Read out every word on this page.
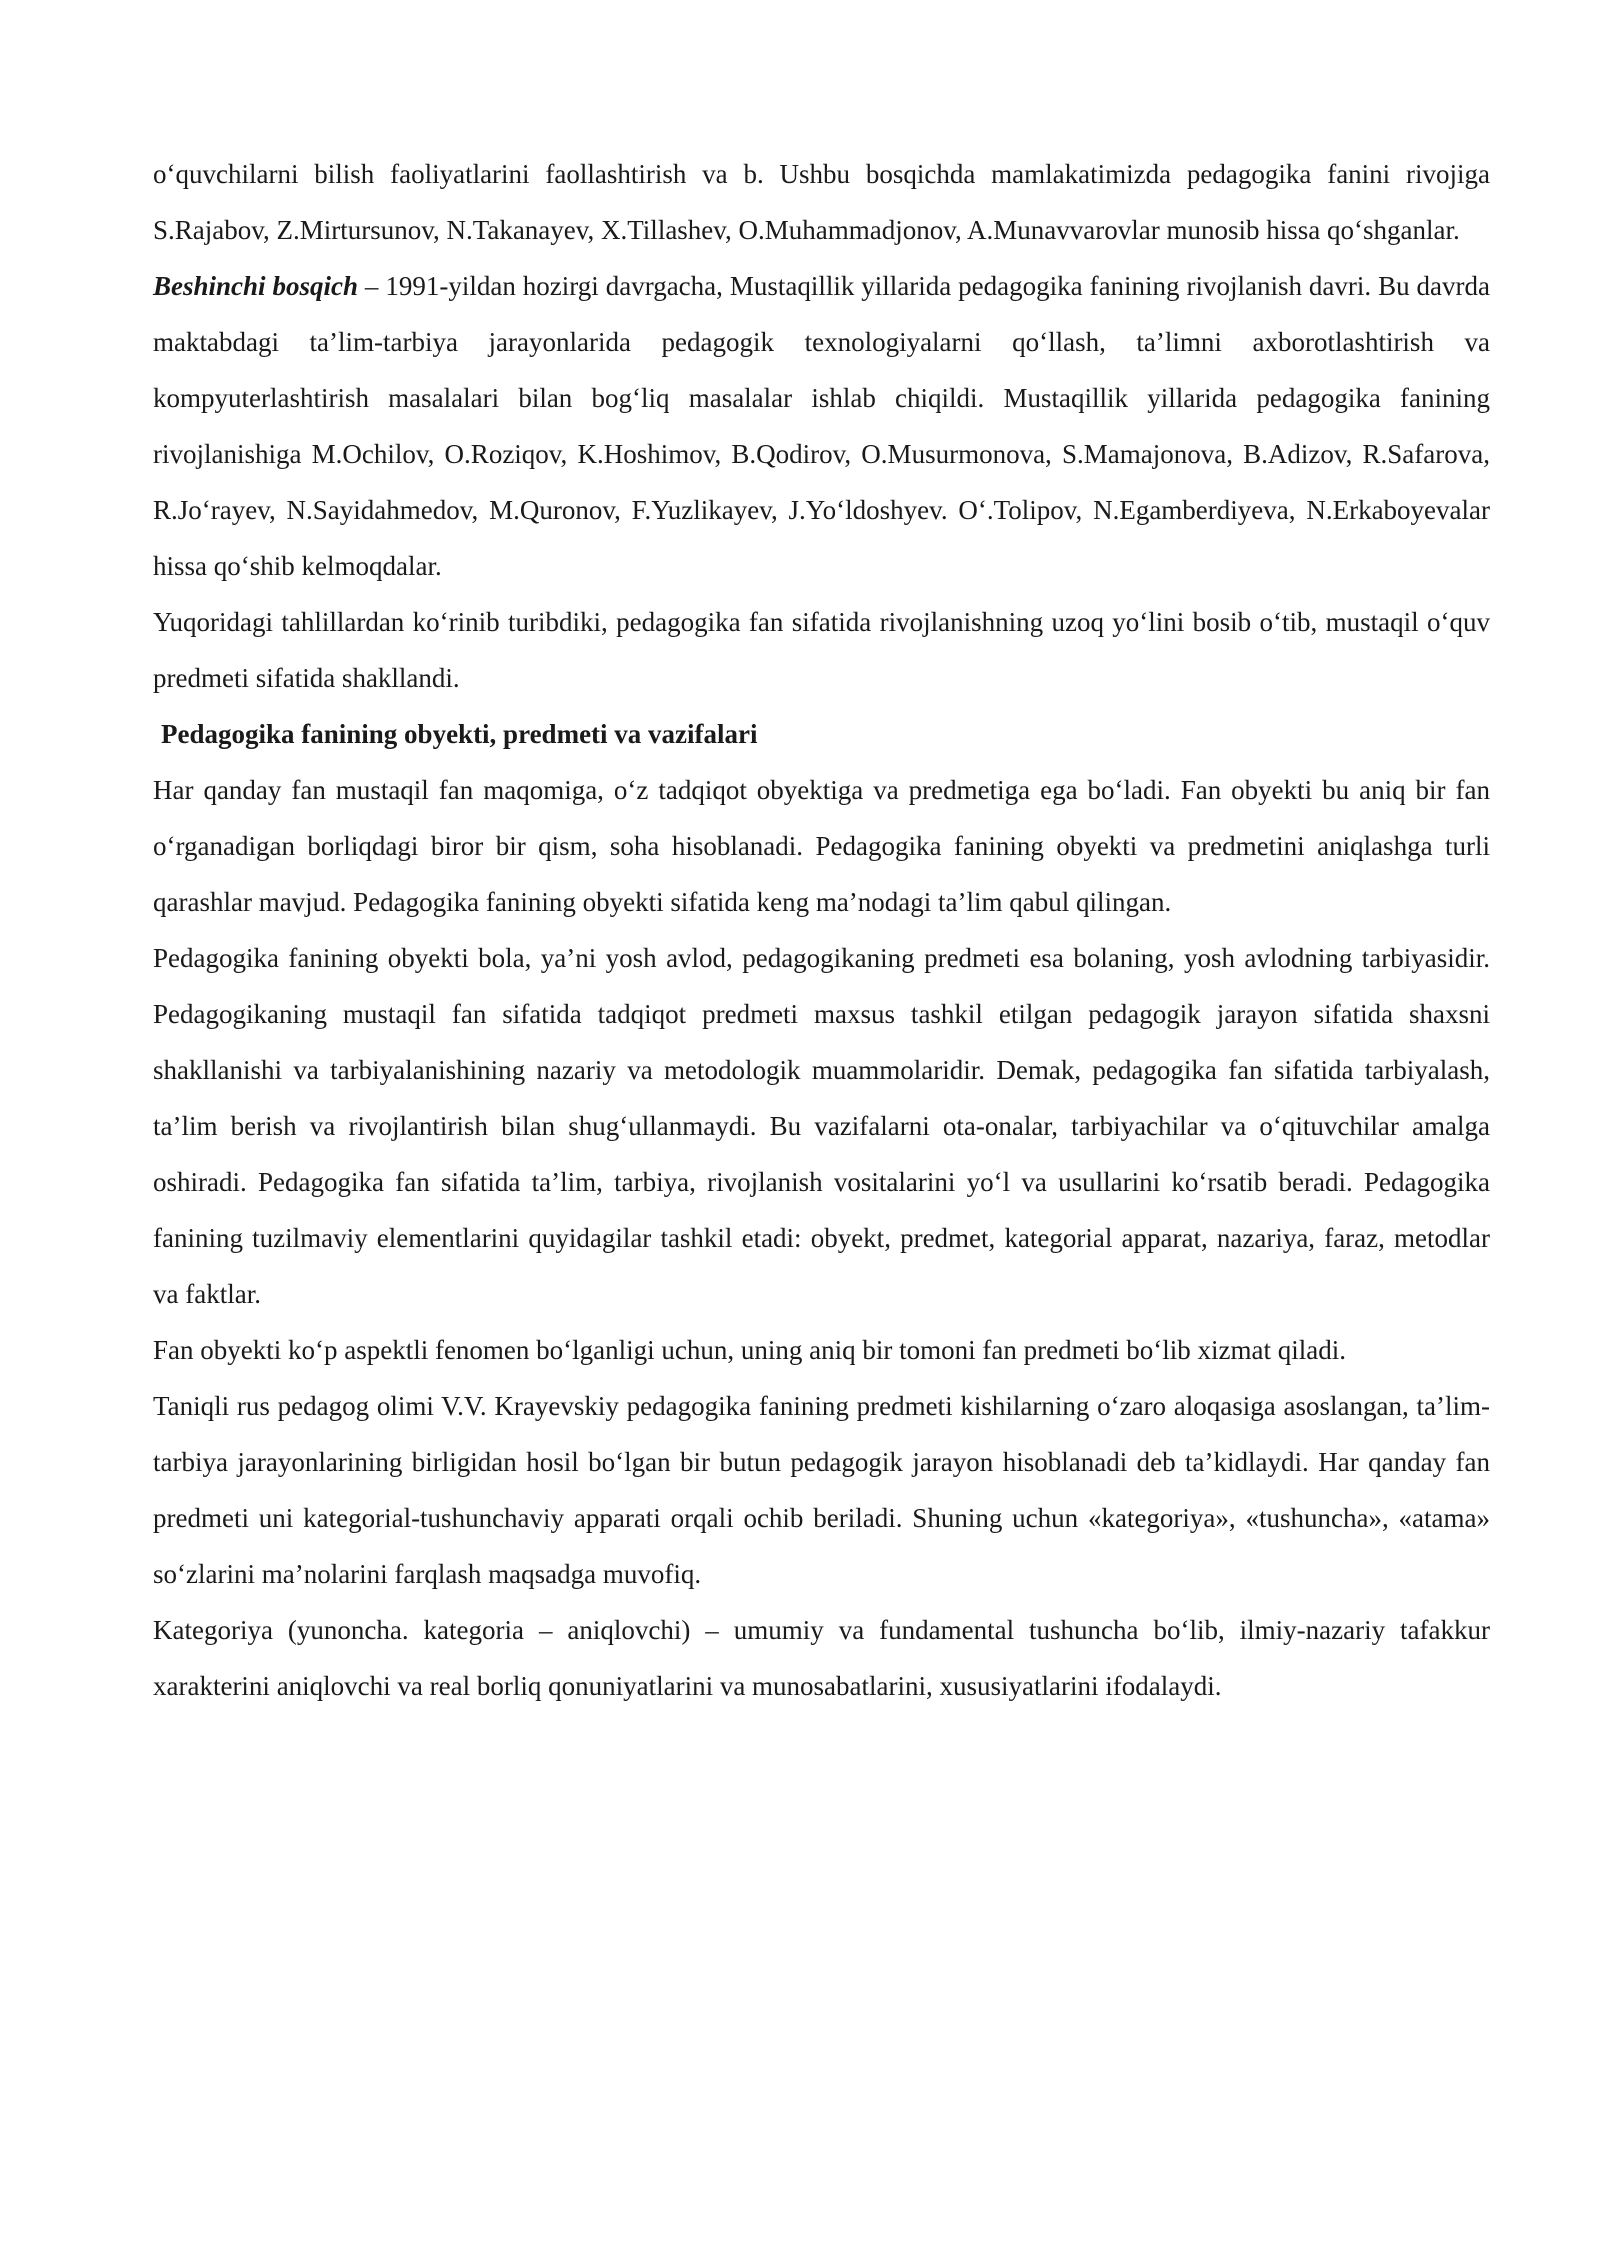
o‘quvchilarni bilish faoliyatlarini faollashtirish va b. Ushbu bosqichda mamlakatimizda pedagogika fanini rivojiga S.Rajabov, Z.Mirtursunov, N.Takanayev, X.Tillashev, O.Muhammadjonov, A.Munavvarovlar munosib hissa qo‘shganlar.

Beshinchi bosqich – 1991-yildan hozirgi davrgacha, Mustaqillik yillarida pedagogika fanining rivojlanish davri. Bu davrda maktabdagi ta’lim-tarbiya jarayonlarida pedagogik texnologiyalarni qo‘llash, ta’limni axborotlashtirish va kompyuterlashtirish masalalari bilan bog‘liq masalalar ishlab chiqildi. Mustaqillik yillarida pedagogika fanining rivojlanishiga M.Ochilov, O.Roziqov, K.Hoshimov, B.Qodirov, O.Musurmonova, S.Mamajonova, B.Adizov, R.Safarova, R.Jo‘rayev, N.Sayidahmedov, M.Quronov, F.Yuzlikayev, J.Yo‘ldoshyev. O‘.Tolipov, N.Egamberdiyeva, N.Erkaboyevalar hissa qo‘shib kelmoqdalar.

Yuqoridagi tahlillardan ko‘rinib turibdiki, pedagogika fan sifatida rivojlanishning uzoq yo‘lini bosib o‘tib, mustaqil o‘quv predmeti sifatida shakllandi.

Pedagogika fanining obyekti, predmeti va vazifalari

Har qanday fan mustaqil fan maqomiga, o‘z tadqiqot obyektiga va predmetiga ega bo‘ladi. Fan obyekti bu aniq bir fan o‘rganadigan borliqdagi biror bir qism, soha hisoblanadi. Pedagogika fanining obyekti va predmetini aniqlashga turli qarashlar mavjud. Pedagogika fanining obyekti sifatida keng ma’nodagi ta’lim qabul qilingan.

Pedagogika fanining obyekti bola, ya’ni yosh avlod, pedagogikaning predmeti esa bolaning, yosh avlodning tarbiyasidir. Pedagogikaning mustaqil fan sifatida tadqiqot predmeti maxsus tashkil etilgan pedagogik jarayon sifatida shaxsni shakllanishi va tarbiyalanishining nazariy va metodologik muammolaridir. Demak, pedagogika fan sifatida tarbiyalash, ta’lim berish va rivojlantirish bilan shug‘ullanmaydi. Bu vazifalarni ota-onalar, tarbiyachilar va o‘qituvchilar amalga oshiradi. Pedagogika fan sifatida ta’lim, tarbiya, rivojlanish vositalarini yo‘l va usullarini ko‘rsatib beradi. Pedagogika fanining tuzilmaviy elementlarini quyidagilar tashkil etadi: obyekt, predmet, kategorial apparat, nazariya, faraz, metodlar va faktlar.

Fan obyekti ko‘p aspektli fenomen bo‘lganligi uchun, uning aniq bir tomoni fan predmeti bo‘lib xizmat qiladi.

Taniqli rus pedagog olimi V.V. Krayevskiy pedagogika fanining predmeti kishilarning o‘zaro aloqasiga asoslangan, ta’lim-tarbiya jarayonlarining birligidan hosil bo‘lgan bir butun pedagogik jarayon hisoblanadi deb ta’kidlaydi. Har qanday fan predmeti uni kategorial-tushunchaviy apparati orqali ochib beriladi. Shuning uchun «kategoriya», «tushuncha», «atama» so‘zlarini ma’nolarini farqlash maqsadga muvofiq.

Kategoriya (yunoncha. kategoria – aniqlovchi) – umumiy va fundamental tushuncha bo‘lib, ilmiy-nazariy tafakkur xarakterini aniqlovchi va real borliq qonuniyatlarini va munosabatlarini, xususiyatlarini ifodalaydi.
